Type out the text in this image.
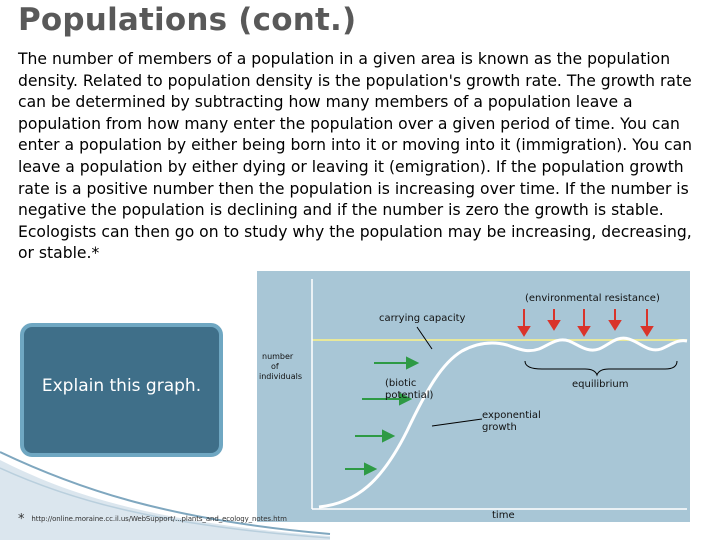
Populations (cont.)
The number of members of a population in a given area is known as the population density. Related to population density is the population's growth rate. The growth rate can be determined by subtracting how many members of a population leave a population from how many enter the population over a given period of time. You can enter a population by either being born into it or moving into it (immigration). You can leave a population by either dying or leaving it (emigration). If the population growth rate is a positive number then the population is increasing over time. If the number is negative the population is declining and if the number is zero the growth is stable. Ecologists can then go on to study why the population may be increasing, decreasing, or stable.*
(environmental resistance)
carrying capacity
equilibrium
(biotic
potential)
exponential
growth
number
of
individuals
time
Explain this graph.
* http://online.moraine.cc.il.us/WebSupport/...plants_and_ecology_notes.htm
